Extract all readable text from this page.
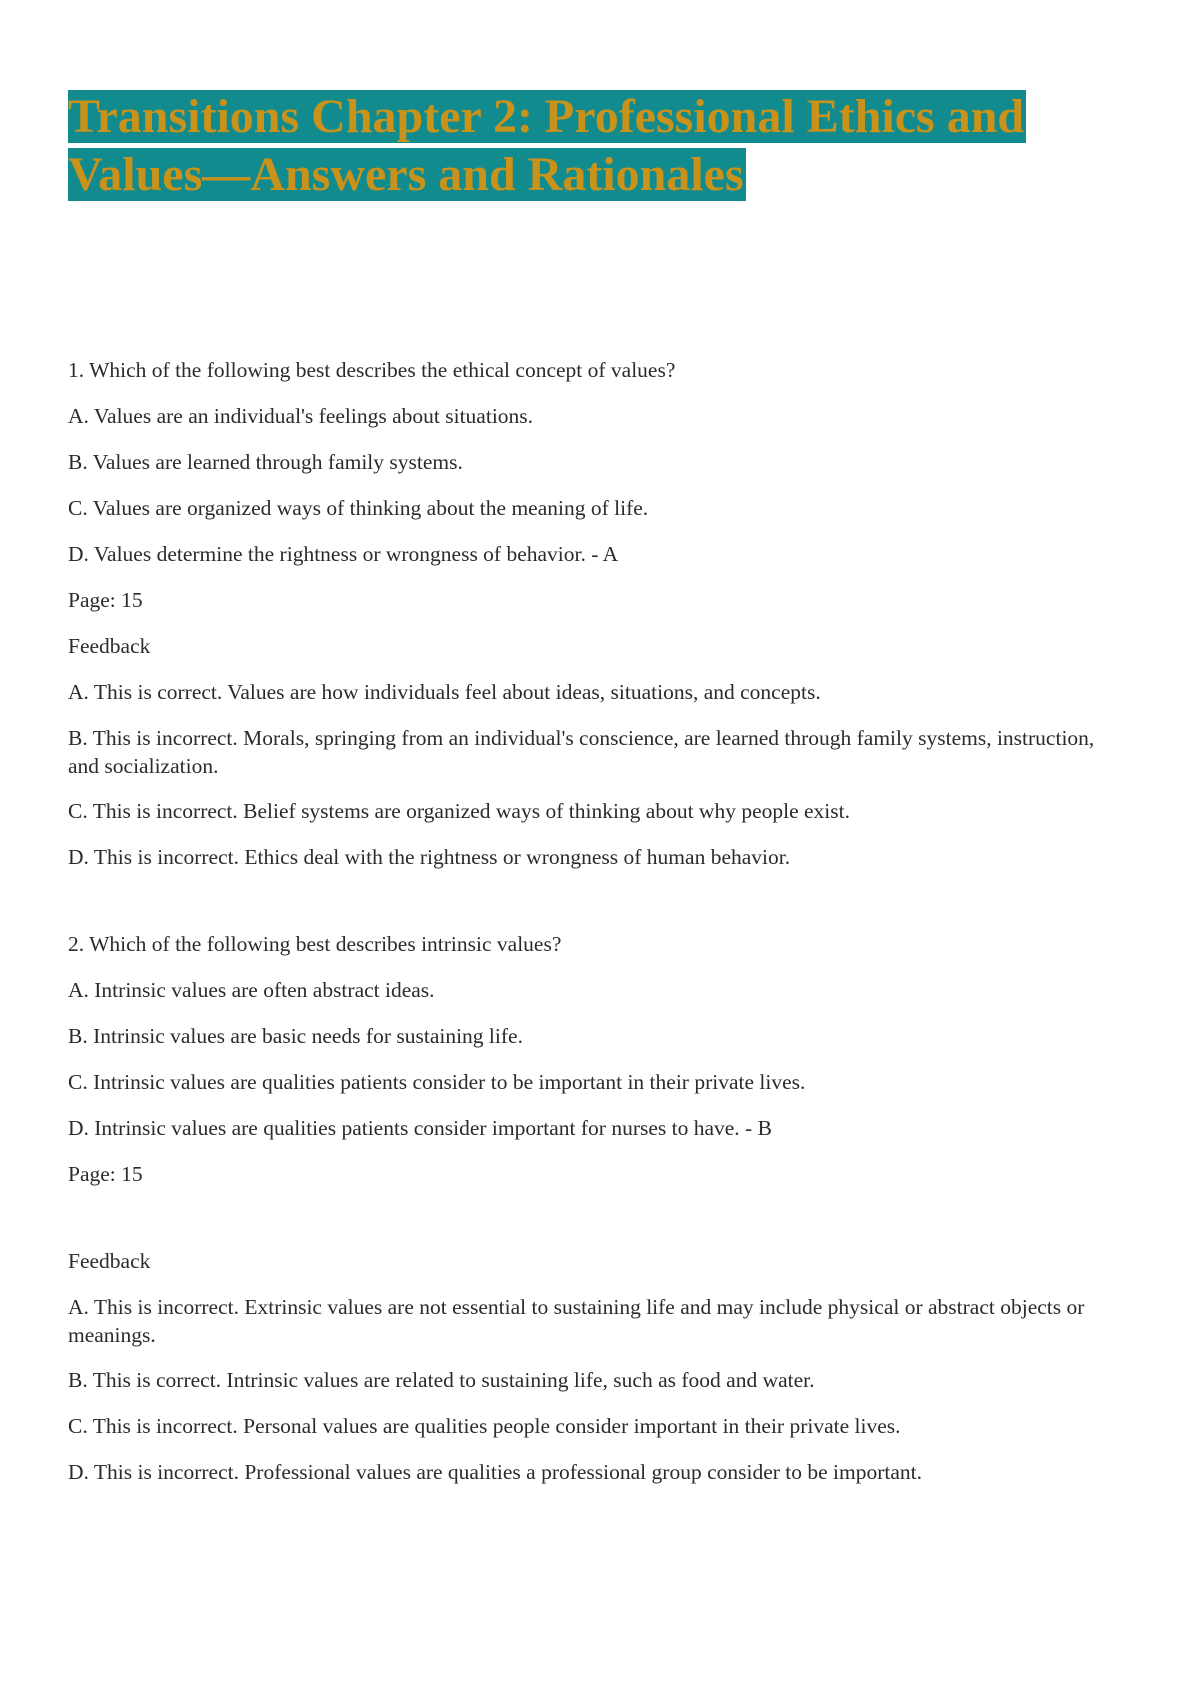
Transitions Chapter 2: Professional Ethics and Values—Answers and Rationales

1. Which of the following best describes the ethical concept of values?

A. Values are an individual's feelings about situations.

B. Values are learned through family systems.

C. Values are organized ways of thinking about the meaning of life.

D. Values determine the rightness or wrongness of behavior. - A

Page: 15

Feedback

A. This is correct. Values are how individuals feel about ideas, situations, and concepts.

B. This is incorrect. Morals, springing from an individual's conscience, are learned through family systems, instruction, and socialization.

C. This is incorrect. Belief systems are organized ways of thinking about why people exist.

D. This is incorrect. Ethics deal with the rightness or wrongness of human behavior.

2. Which of the following best describes intrinsic values?

A. Intrinsic values are often abstract ideas.

B. Intrinsic values are basic needs for sustaining life.

C. Intrinsic values are qualities patients consider to be important in their private lives.

D. Intrinsic values are qualities patients consider important for nurses to have. - B

Page: 15

Feedback

A. This is incorrect. Extrinsic values are not essential to sustaining life and may include physical or abstract objects or meanings.

B. This is correct. Intrinsic values are related to sustaining life, such as food and water.

C. This is incorrect. Personal values are qualities people consider important in their private lives.

D. This is incorrect. Professional values are qualities a professional group consider to be important.
